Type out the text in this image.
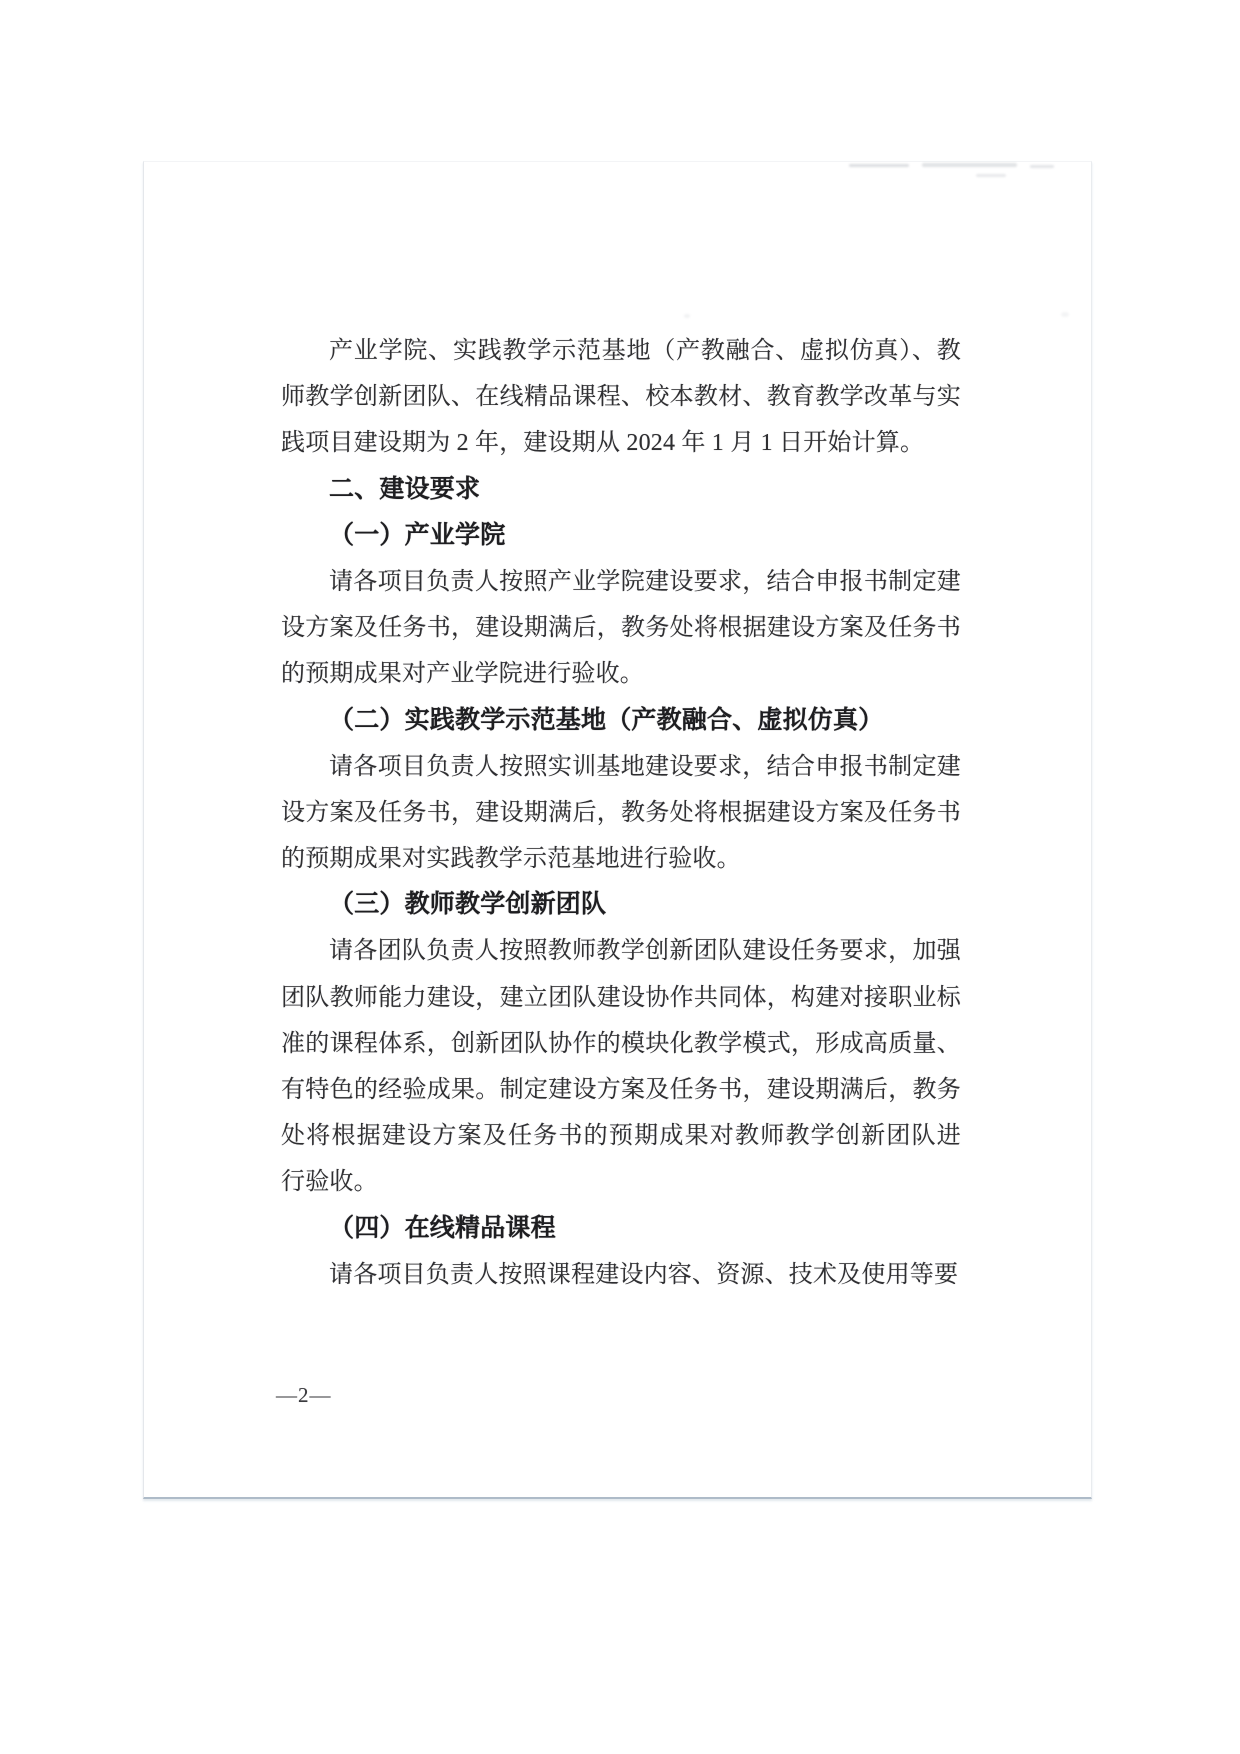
产业学院、实践教学示范基地（产教融合、虚拟仿真）、教
师教学创新团队、在线精品课程、校本教材、教育教学改革与实
践项目建设期为 2 年，建设期从 2024 年 1 月 1 日开始计算。
二、建设要求
（一）产业学院
请各项目负责人按照产业学院建设要求，结合申报书制定建
设方案及任务书，建设期满后，教务处将根据建设方案及任务书
的预期成果对产业学院进行验收。
（二）实践教学示范基地（产教融合、虚拟仿真）
请各项目负责人按照实训基地建设要求，结合申报书制定建
设方案及任务书，建设期满后，教务处将根据建设方案及任务书
的预期成果对实践教学示范基地进行验收。
（三）教师教学创新团队
请各团队负责人按照教师教学创新团队建设任务要求，加强
团队教师能力建设，建立团队建设协作共同体，构建对接职业标
准的课程体系，创新团队协作的模块化教学模式，形成高质量、
有特色的经验成果。制定建设方案及任务书，建设期满后，教务
处将根据建设方案及任务书的预期成果对教师教学创新团队进
行验收。
（四）在线精品课程
请各项目负责人按照课程建设内容、资源、技术及使用等要
—2—
